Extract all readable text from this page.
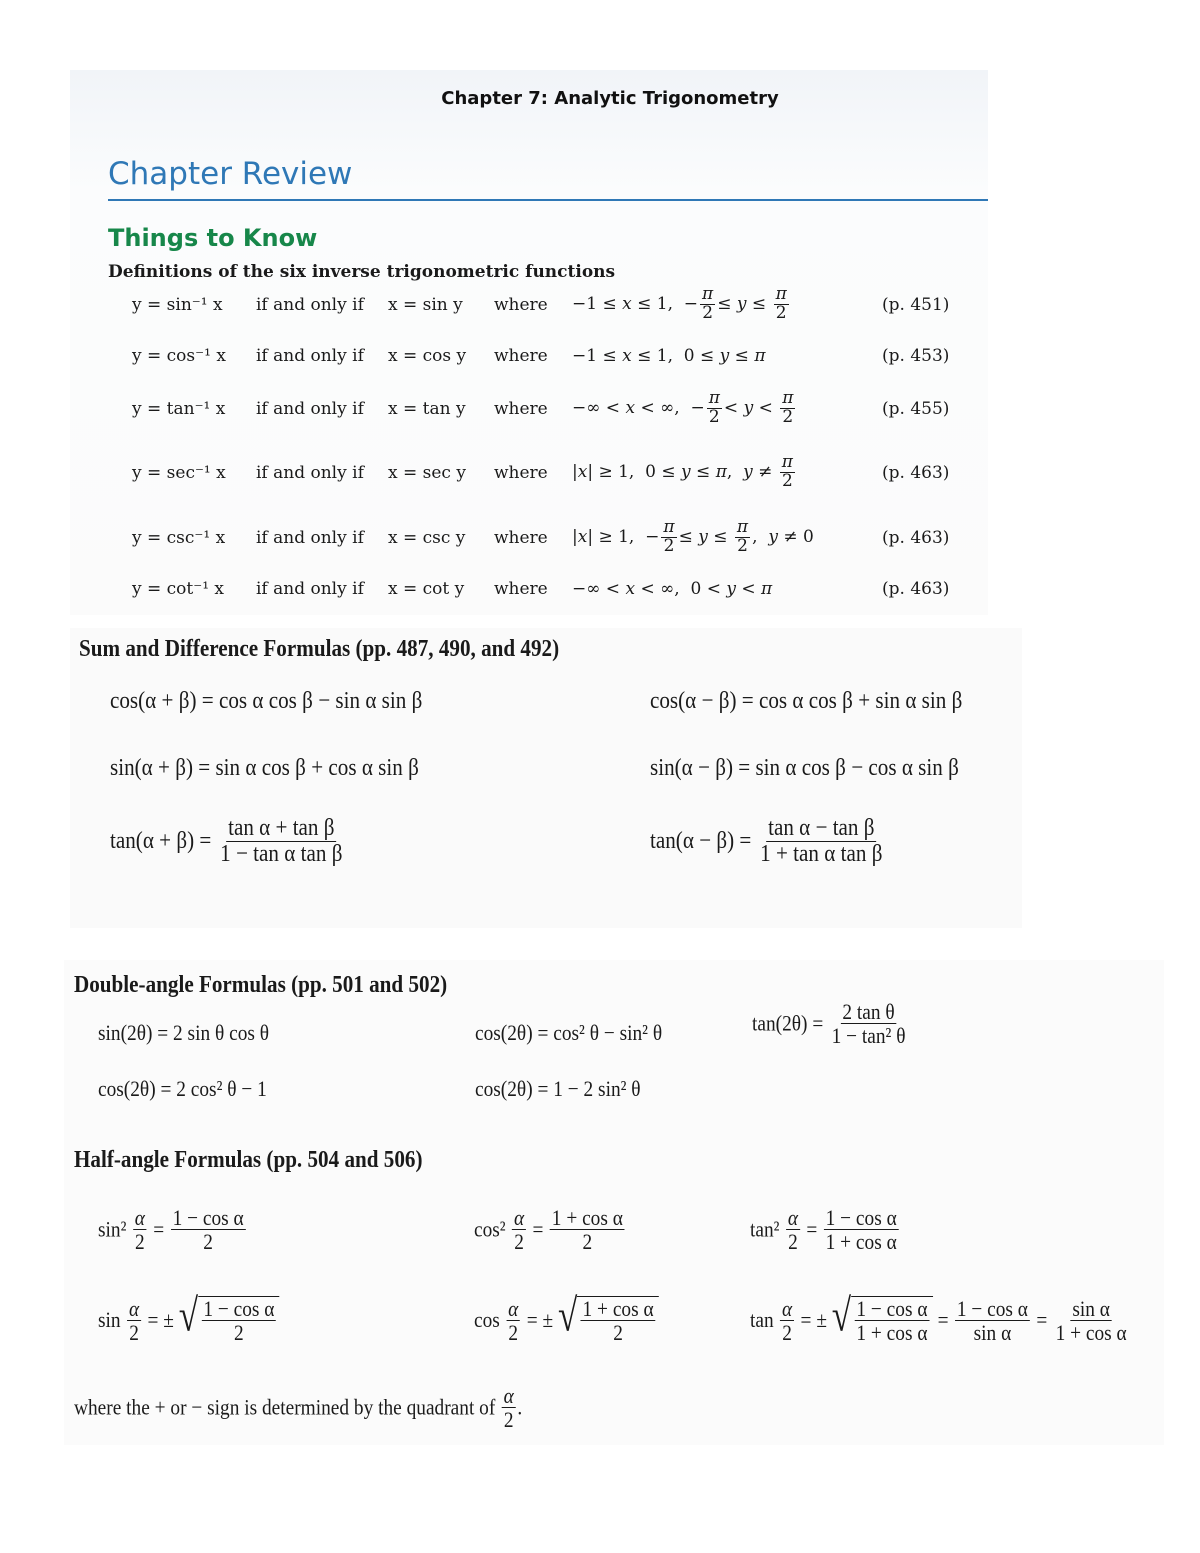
Chapter 7: Analytic Trigonometry
Chapter Review
Things to Know
Definitions of the six inverse trigonometric functions
y = sin⁻¹ x if and only if x = sin y where −1 ≤ x ≤ 1,  − $\frac{\pi}{2} \le y \le \frac{\pi}{2}$	(p. 451)
y = cos⁻¹ x if and only if x = cos y where −1 ≤ x ≤ 1,  0 ≤ y ≤ π	(p. 453)
y = tan⁻¹ x if and only if x = tan y where −∞ < x < ∞,  − $\frac{\pi}{2} < y < \frac{\pi}{2}$	(p. 455)
y = sec⁻¹ x if and only if x = sec y where |x| ≥ 1,  0 ≤ y ≤ π,  $y \ne \frac{\pi}{2}$	(p. 463)
y = csc⁻¹ x if and only if x = csc y where |x| ≥ 1,  − $\frac{\pi}{2} \le y \le \frac{\pi}{2}$ ,  y ≠ 0	(p. 463)
y = cot⁻¹ x if and only if x = cot y where −∞ < x < ∞,  0 < y < π	(p. 463)
Sum and Difference Formulas (pp. 487, 490, and 492)
cos(α + β) = cos α cos β − sin α sin β	cos(α − β) = cos α cos β + sin α sin β
sin(α + β) = sin α cos β + cos α sin β	sin(α − β) = sin α cos β − cos α sin β
$\tan(\alpha + \beta) = \frac{\text{tan α + tan β}}{\text{1 − tan α tan β}}$	$\tan(\alpha - \beta) = \frac{\text{tan α − tan β}}{\text{1 + tan α tan β}}$
Double-angle Formulas (pp. 501 and 502)
sin(2θ) = 2 sin θ cos θ	cos(2θ) = cos² θ − sin² θ	$\tan(2\theta) = \frac{\text{2 tan θ}}{\text{1 − tan² θ}}$
cos(2θ) = 2 cos² θ − 1	cos(2θ) = 1 − 2 sin² θ
Half-angle Formulas (pp. 504 and 506)
$\sin^2 \frac{\alpha}{2} = \frac{\text{1 − cos α}}{2}$	$\cos^2 \frac{\alpha}{2} = \frac{\text{1 + cos α}}{2}$	$\tan^2 \frac{\alpha}{2} = \frac{\text{1 − cos α}}{\text{1 + cos α}}$
$\sin \frac{\alpha}{2}$ = ± √ $\frac{\text{1 − cos α}}{2}$	$\cos \frac{\alpha}{2}$ = ± √ $\frac{\text{1 + cos α}}{2}$	$\tan \frac{\alpha}{2}$ = ± √ $\frac{\text{1 − cos α}}{\text{1 + cos α}} = \frac{\text{1 − cos α}}{\text{sin α}} = \frac{\text{sin α}}{\text{1 + cos α}}$
where the + or − sign is determined by the quadrant of $\frac{\alpha}{2}$ .
